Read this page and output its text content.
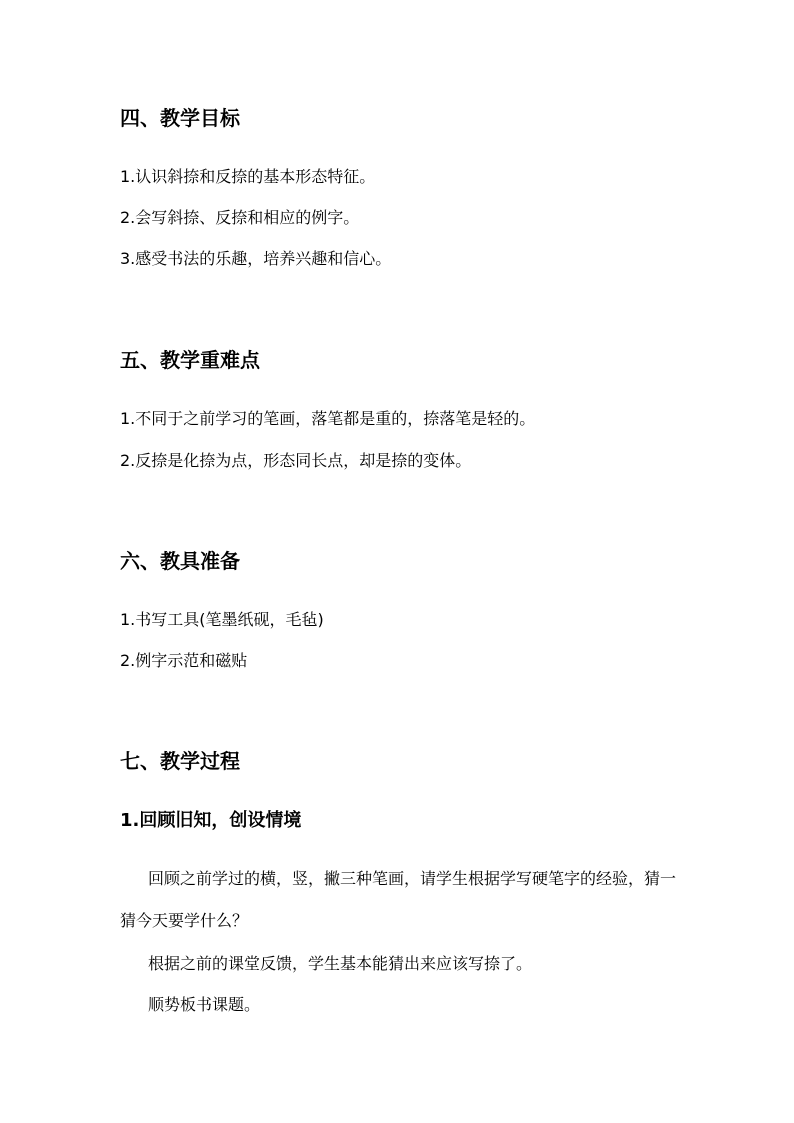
四、教学目标

1.认识斜捺和反捺的基本形态特征。

2.会写斜捺、反捺和相应的例字。

3.感受书法的乐趣，培养兴趣和信心。

五、教学重难点

1.不同于之前学习的笔画，落笔都是重的，捺落笔是轻的。

2.反捺是化捺为点，形态同长点，却是捺的变体。

六、教具准备

1.书写工具(笔墨纸砚，毛毡)

2.例字示范和磁贴

七、教学过程
1.回顾旧知，创设情境

回顾之前学过的横，竖，撇三种笔画，请学生根据学写硬笔字的经验，猜一猜今天要学什么？

根据之前的课堂反馈，学生基本能猜出来应该写捺了。

顺势板书课题。
